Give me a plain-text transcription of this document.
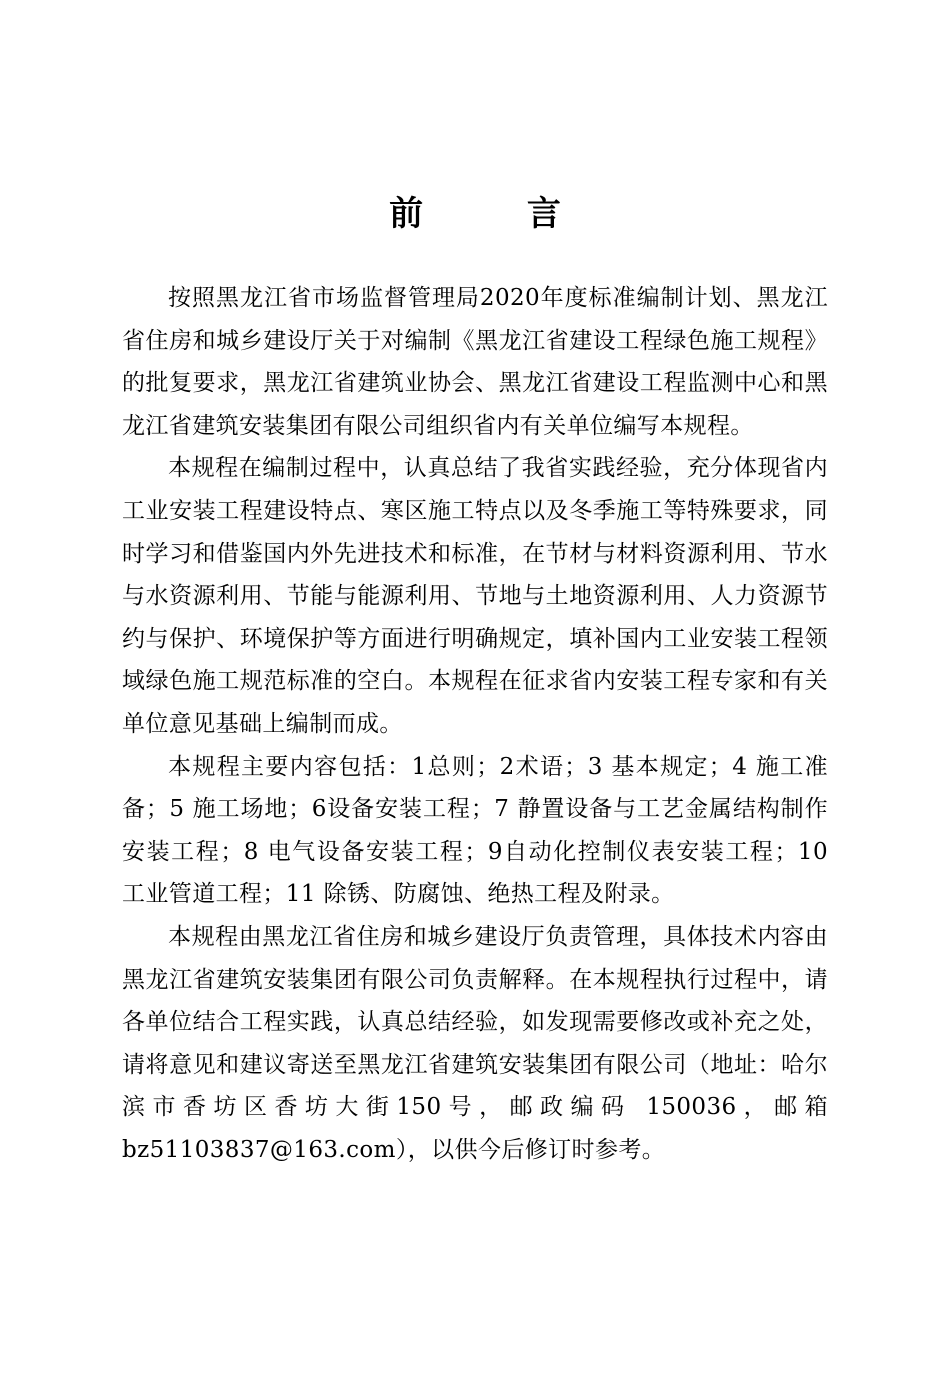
前 言

按照黑龙江省市场监督管理局2020年度标准编制计划、黑龙江省住房和城乡建设厅关于对编制《黑龙江省建设工程绿色施工规程》的批复要求，黑龙江省建筑业协会、黑龙江省建设工程监测中心和黑龙江省建筑安装集团有限公司组织省内有关单位编写本规程。

本规程在编制过程中，认真总结了我省实践经验，充分体现省内工业安装工程建设特点、寒区施工特点以及冬季施工等特殊要求，同时学习和借鉴国内外先进技术和标准，在节材与材料资源利用、节水与水资源利用、节能与能源利用、节地与土地资源利用、人力资源节约与保护、环境保护等方面进行明确规定，填补国内工业安装工程领域绿色施工规范标准的空白。本规程在征求省内安装工程专家和有关单位意见基础上编制而成。

本规程主要内容包括：1总则；2术语；3 基本规定；4 施工准备；5 施工场地；6设备安装工程；7 静置设备与工艺金属结构制作安装工程；8 电气设备安装工程；9自动化控制仪表安装工程；10 工业管道工程；11 除锈、防腐蚀、绝热工程及附录。

本规程由黑龙江省住房和城乡建设厅负责管理，具体技术内容由黑龙江省建筑安装集团有限公司负责解释。在本规程执行过程中，请各单位结合工程实践，认真总结经验，如发现需要修改或补充之处，请将意见和建议寄送至黑龙江省建筑安装集团有限公司（地址：哈尔滨市香坊区香坊大街150号，邮政编码 150036，邮箱 bz51103837@163.com），以供今后修订时参考。
